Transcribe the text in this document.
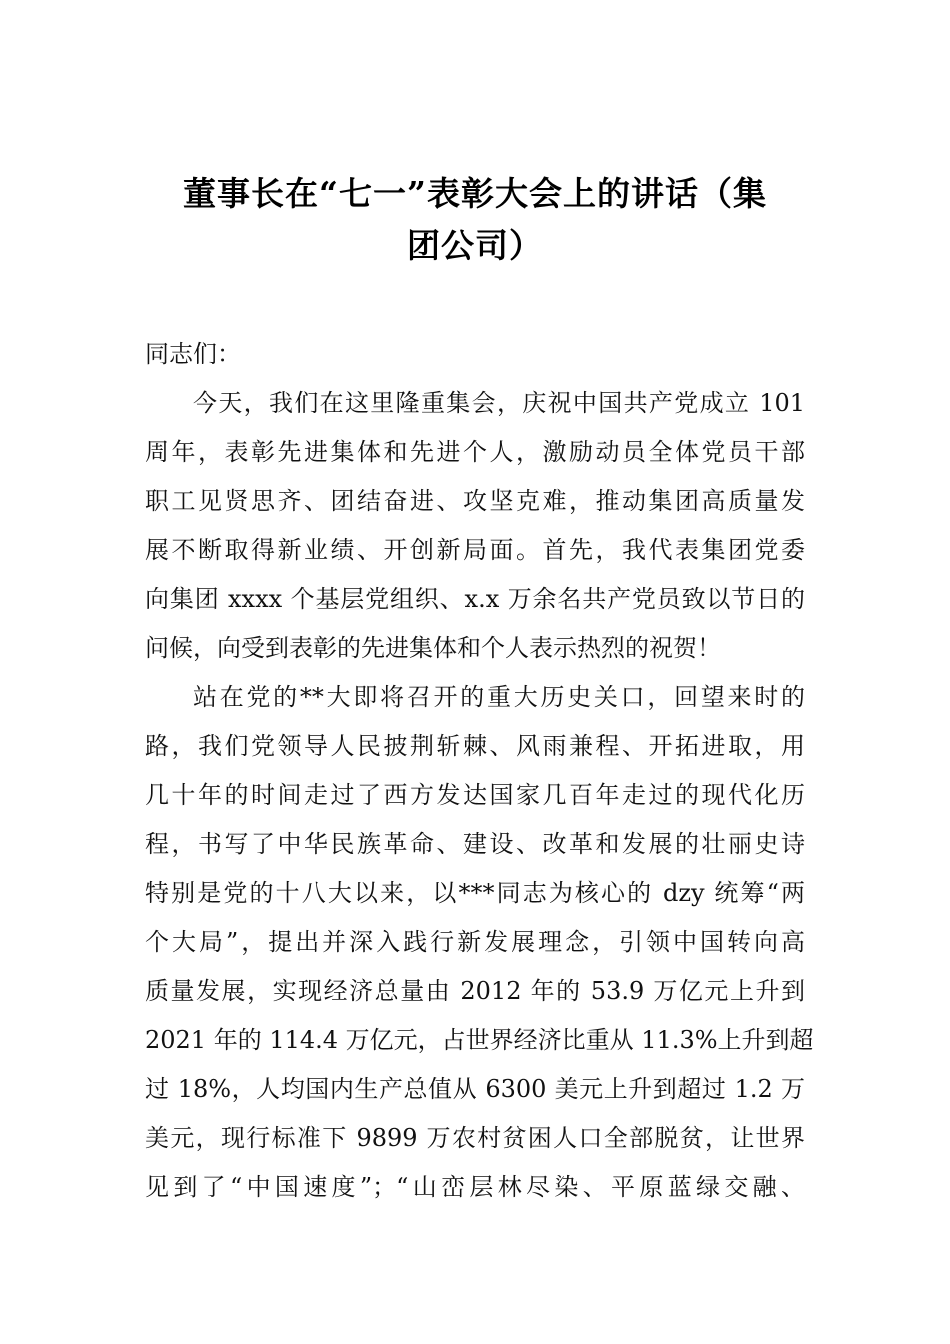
董事长在“七一”表彰大会上的讲话（集
团公司）
同志们：
今天，我们在这里隆重集会，庆祝中国共产党成立 101
周年，表彰先进集体和先进个人，激励动员全体党员干部
职工见贤思齐、团结奋进、攻坚克难，推动集团高质量发
展不断取得新业绩、开创新局面。首先，我代表集团党委
向集团 xxxx 个基层党组织、x.x 万余名共产党员致以节日的
问候，向受到表彰的先进集体和个人表示热烈的祝贺！
站在党的**大即将召开的重大历史关口，回望来时的
路，我们党领导人民披荆斩棘、风雨兼程、开拓进取，用
几十年的时间走过了西方发达国家几百年走过的现代化历
程，书写了中华民族革命、建设、改革和发展的壮丽史诗
特别是党的十八大以来，以***同志为核心的 dzy 统筹“两
个大局”，提出并深入践行新发展理念，引领中国转向高
质量发展，实现经济总量由 2012 年的 53.9 万亿元上升到
2021 年的 114.4 万亿元，占世界经济比重从 11.3%上升到超
过 18%，人均国内生产总值从 6300 美元上升到超过 1.2 万
美元，现行标准下 9899 万农村贫困人口全部脱贫，让世界
见到了“中国速度”；“山峦层林尽染、平原蓝绿交融、
